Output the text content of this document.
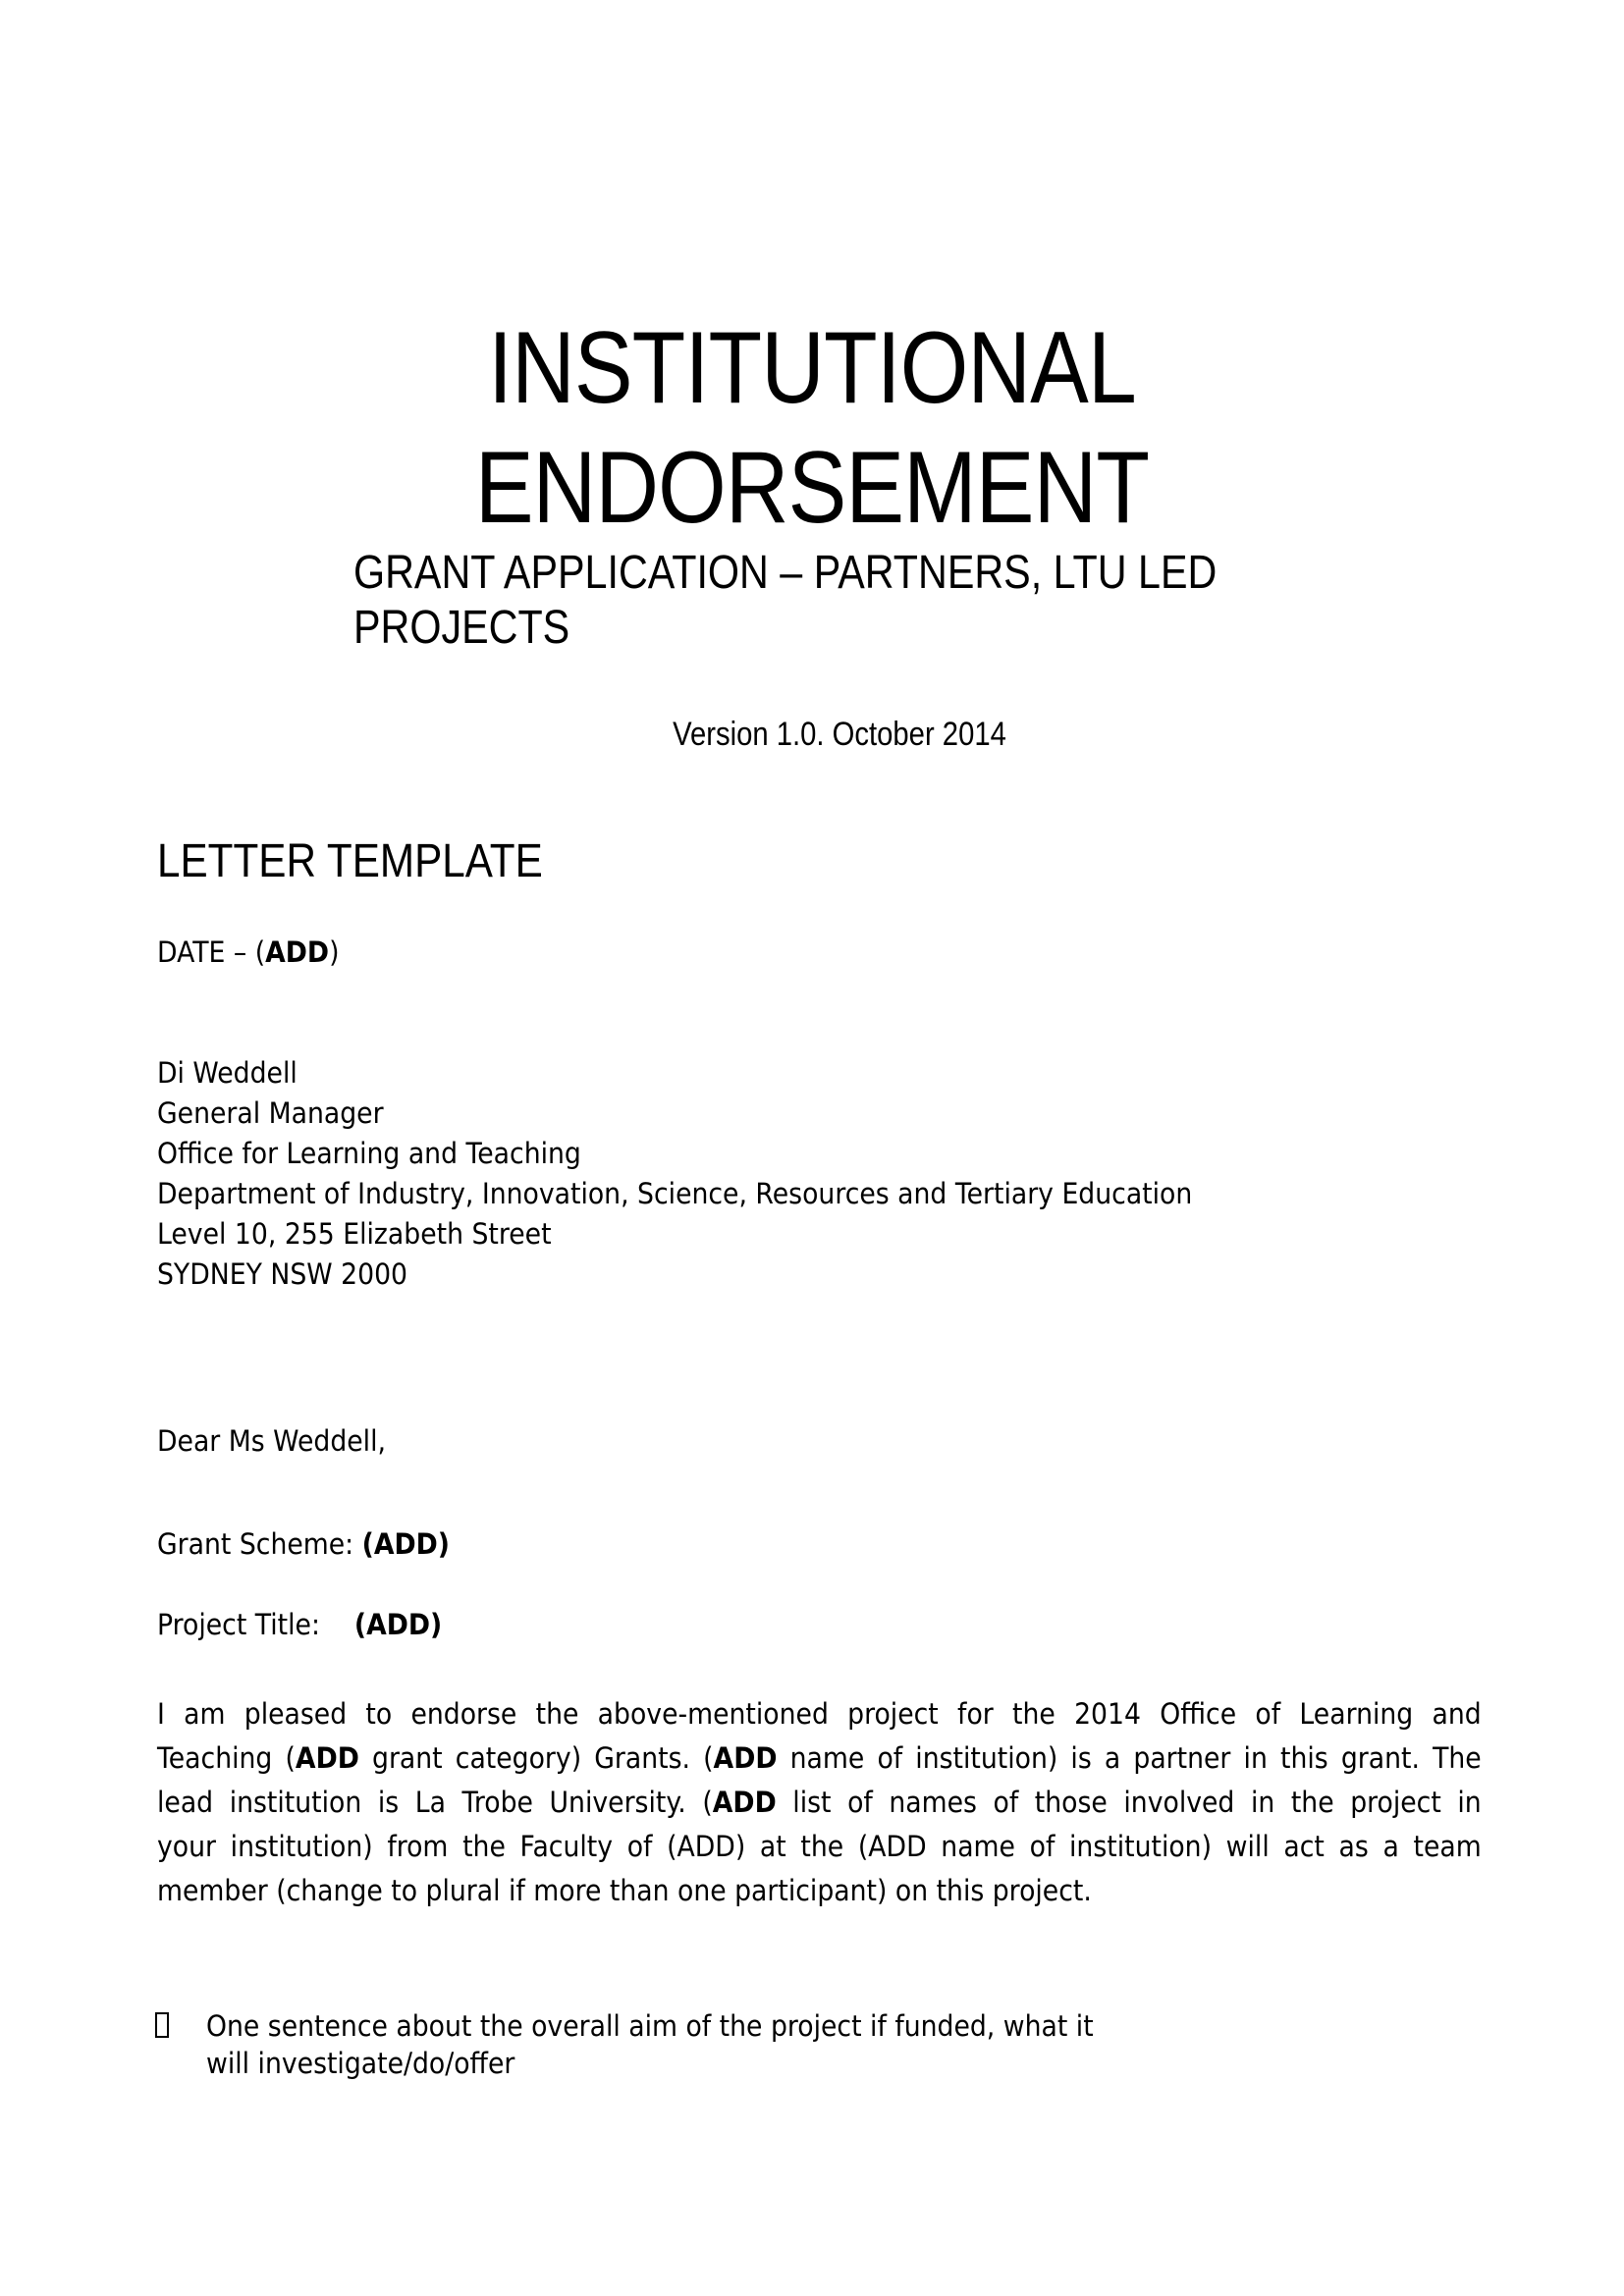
INSTITUTIONAL
ENDORSEMENT
GRANT APPLICATION – PARTNERS, LTU LED
PROJECTS
Version 1.0. October 2014
LETTER TEMPLATE
DATE – (ADD)
Di Weddell
General Manager
Office for Learning and Teaching
Department of Industry, Innovation, Science, Resources and Tertiary Education
Level 10, 255 Elizabeth Street
SYDNEY NSW 2000
Dear Ms Weddell,
Grant Scheme: (ADD)
Project Title: (ADD)
I am pleased to endorse the above-mentioned project for the 2014 Office of Learning and
Teaching (ADD grant category) Grants. (ADD name of institution) is a partner in this grant. The
lead institution is La Trobe University. (ADD list of names of those involved in the project in
your institution) from the Faculty of (ADD) at the (ADD name of institution) will act as a team
member (change to plural if more than one participant) on this project.
One sentence about the overall aim of the project if funded, what it
will investigate/do/offer
